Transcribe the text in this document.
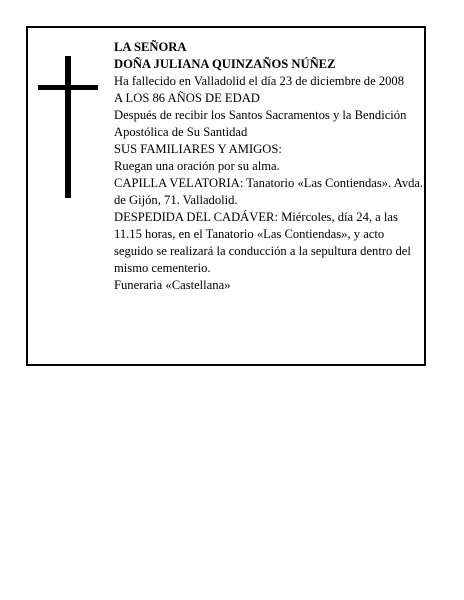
LA SEÑORA

DOÑA JULIANA QUINZAÑOS NÚÑEZ

Ha fallecido en Valladolid el día 23 de diciembre de 2008

A LOS 86 AÑOS DE EDAD

Después de recibir los Santos Sacramentos y la Bendición Apostólica de Su Santidad

SUS FAMILIARES Y AMIGOS:

Ruegan una oración por su alma.

CAPILLA VELATORIA: Tanatorio «Las Contiendas». Avda. de Gijón, 71. Valladolid.

DESPEDIDA DEL CADÁVER: Miércoles, día 24, a las 11.15 horas, en el Tanatorio «Las Contiendas», y acto seguido se realizará la conducción a la sepultura dentro del mismo cementerio.

Funeraria «Castellana»
